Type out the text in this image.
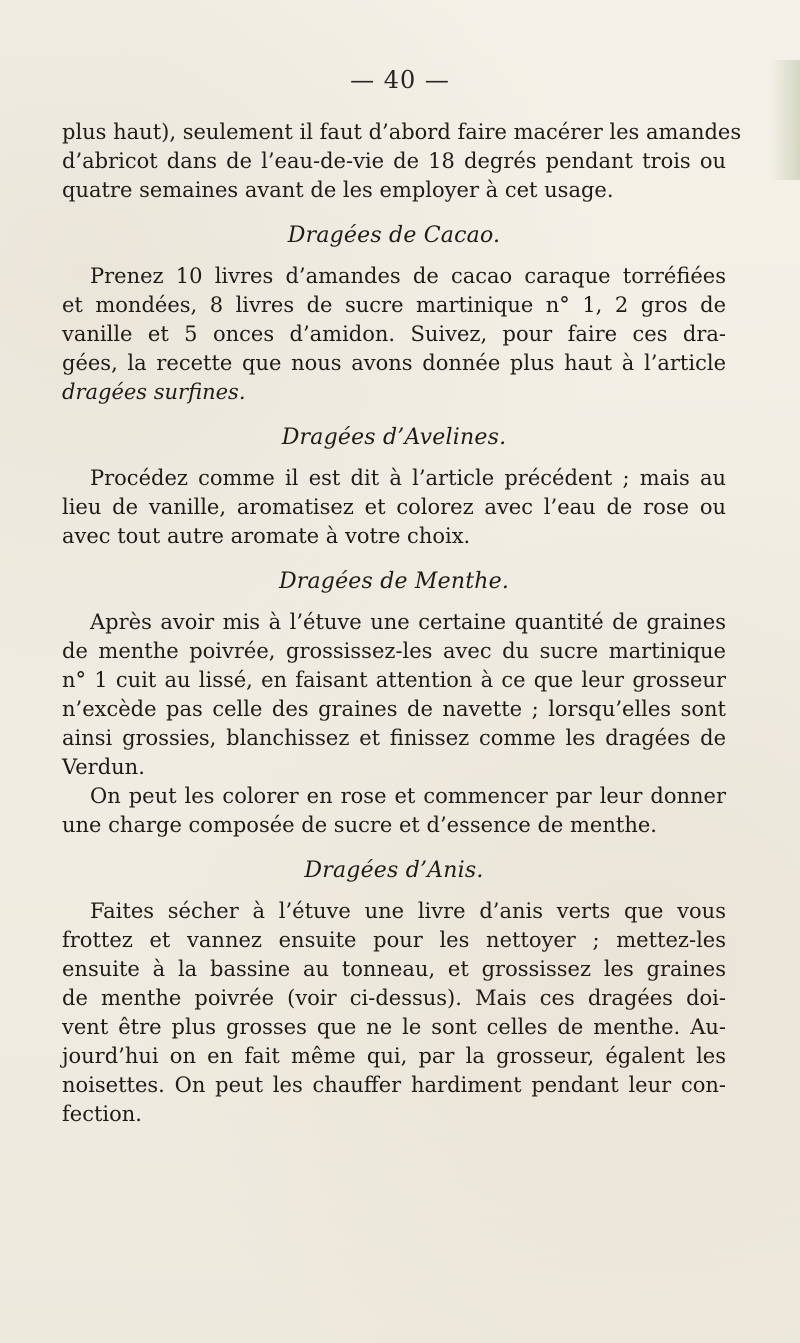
— 40 —
plus haut), seulement il faut d’abord faire macérer les amandes
d’abricot dans de l’eau-de-vie de 18 degrés pendant trois ou
quatre semaines avant de les employer à cet usage.
Dragées de Cacao.
Prenez 10 livres d’amandes de cacao caraque torréfiées
et mondées, 8 livres de sucre martinique n° 1, 2 gros de
vanille et 5 onces d’amidon. Suivez, pour faire ces dra-
gées, la recette que nous avons donnée plus haut à l’article
dragées surfines.
Dragées d’Avelines.
Procédez comme il est dit à l’article précédent ; mais au
lieu de vanille, aromatisez et colorez avec l’eau de rose ou
avec tout autre aromate à votre choix.
Dragées de Menthe.
Après avoir mis à l’étuve une certaine quantité de graines
de menthe poivrée, grossissez-les avec du sucre martinique
n° 1 cuit au lissé, en faisant attention à ce que leur grosseur
n’excède pas celle des graines de navette ; lorsqu’elles sont
ainsi grossies, blanchissez et finissez comme les dragées de
Verdun.
On peut les colorer en rose et commencer par leur donner
une charge composée de sucre et d’essence de menthe.
Dragées d’Anis.
Faites sécher à l’étuve une livre d’anis verts que vous
frottez et vannez ensuite pour les nettoyer ; mettez-les
ensuite à la bassine au tonneau, et grossissez les graines
de menthe poivrée (voir ci-dessus). Mais ces dragées doi-
vent être plus grosses que ne le sont celles de menthe. Au-
jourd’hui on en fait même qui, par la grosseur, égalent les
noisettes. On peut les chauffer hardiment pendant leur con-
fection.
